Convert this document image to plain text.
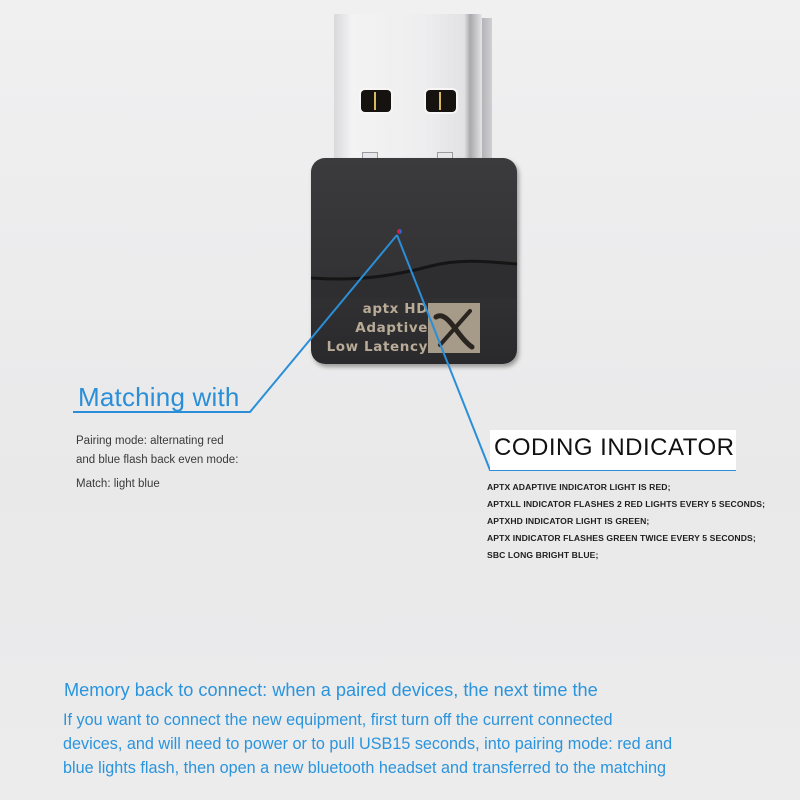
aptx HD
Adaptive
Low Latency
Matching with
Pairing mode: alternating red
and blue flash back even mode:
Match: light blue
CODING INDICATOR
APTX ADAPTIVE INDICATOR LIGHT IS RED;
APTXLL INDICATOR FLASHES 2 RED LIGHTS EVERY 5 SECONDS;
APTXHD INDICATOR LIGHT IS GREEN;
APTX INDICATOR FLASHES GREEN TWICE EVERY 5 SECONDS;
SBC LONG BRIGHT BLUE;
Memory back to connect: when a paired devices, the next time the
If you want to connect the new equipment, first turn off the current connected
devices, and will need to power or to pull USB15 seconds, into pairing mode: red and
blue lights flash, then open a new bluetooth headset and transferred to the matching
